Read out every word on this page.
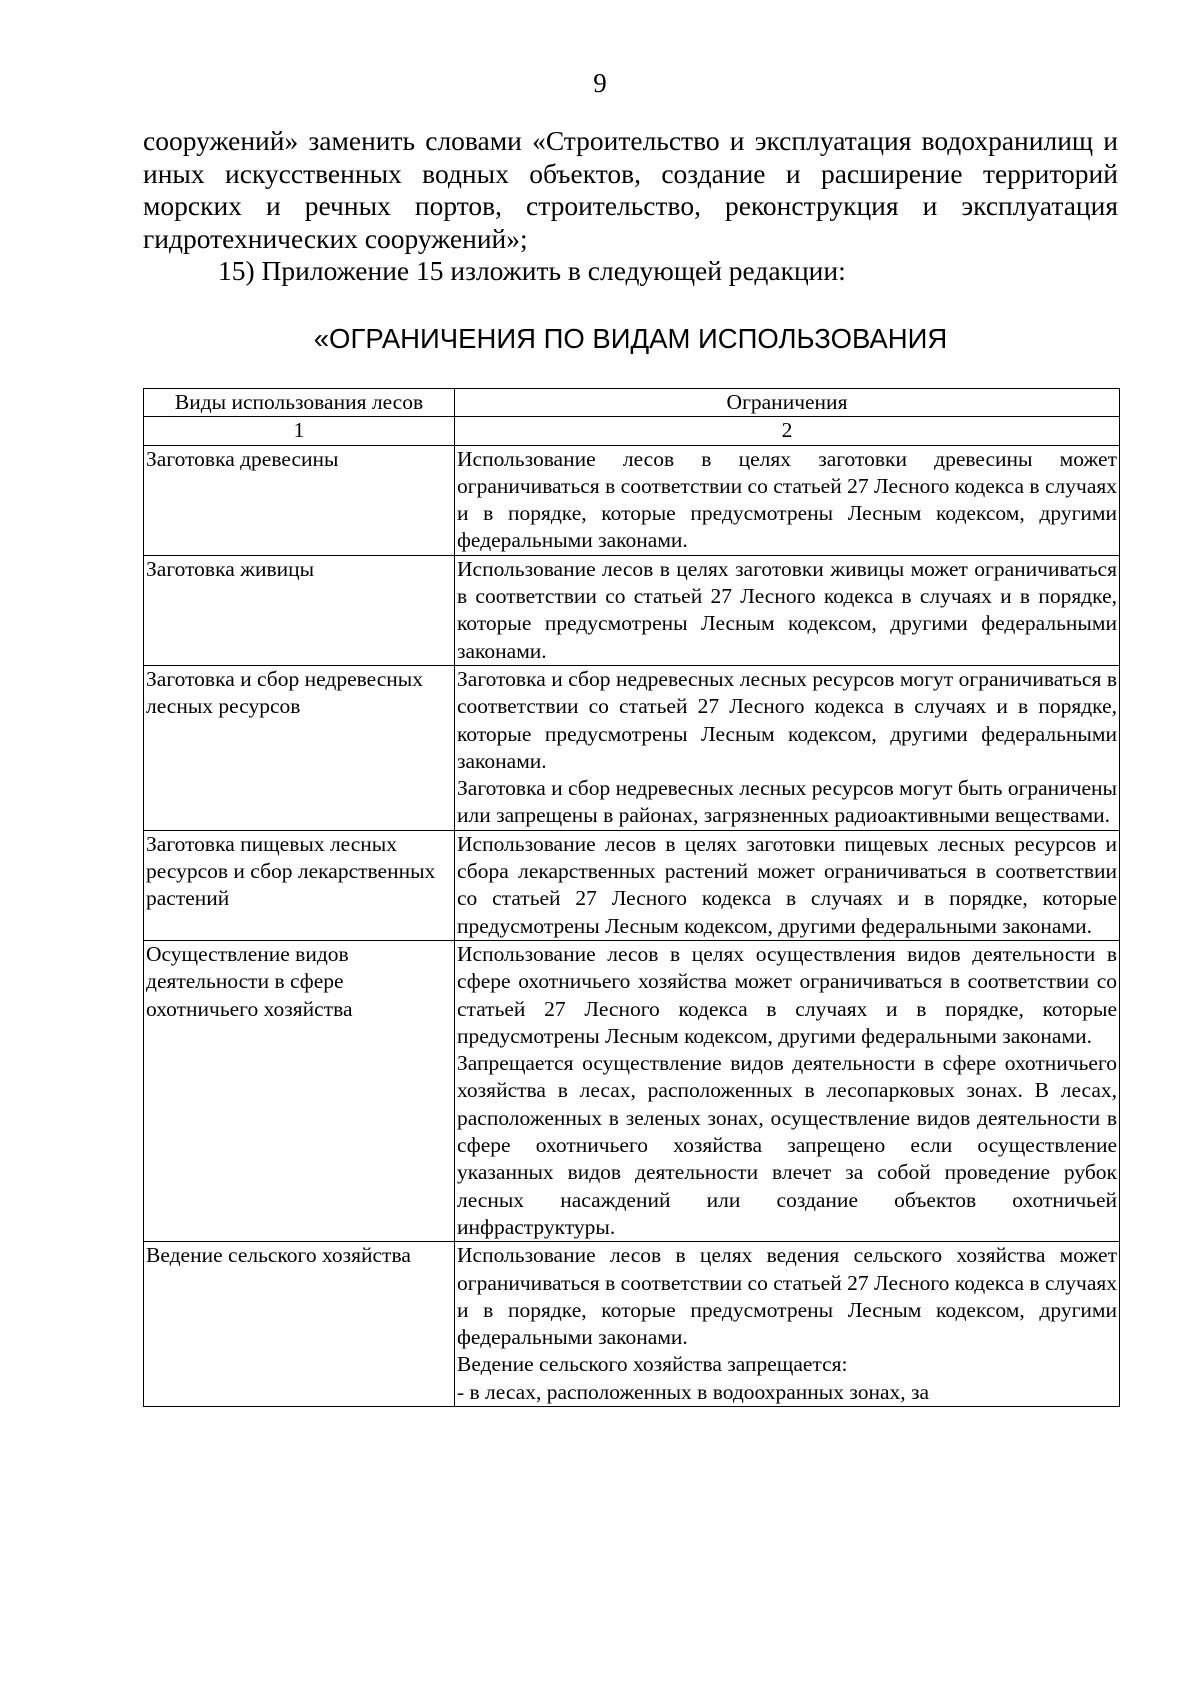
9

сооружений» заменить словами «Строительство и эксплуатация водохранилищ и иных искусственных водных объектов, создание и расширение территорий морских и речных портов, строительство, реконструкция и эксплуатация гидротехнических сооружений»;

15) Приложение 15 изложить в следующей редакции:

«ОГРАНИЧЕНИЯ ПО ВИДАМ ИСПОЛЬЗОВАНИЯ
Виды использования лесов	Ограничения
1	2
Заготовка древесины	Использование лесов в целях заготовки древесины может ограничиваться в соответствии со статьей 27 Лесного кодекса в случаях и в порядке, которые предусмотрены Лесным кодексом, другими федеральными законами.

Заготовка живицы	Использование лесов в целях заготовки живицы может ограничиваться в соответствии со статьей 27 Лесного кодекса в случаях и в порядке, которые предусмотрены Лесным кодексом, другими федеральными законами.

Заготовка и сбор недревесных лесных ресурсов	Заготовка и сбор недревесных лесных ресурсов могут ограничиваться в соответствии со статьей 27 Лесного кодекса в случаях и в порядке, которые предусмотрены Лесным кодексом, другими федеральными законами.

Заготовка и сбор недревесных лесных ресурсов могут быть ограничены или запрещены в районах, загрязненных радиоактивными веществами.

Заготовка пищевых лесных ресурсов и сбор лекарственных растений	Использование лесов в целях заготовки пищевых лесных ресурсов и сбора лекарственных растений может ограничиваться в соответствии со статьей 27 Лесного кодекса в случаях и в порядке, которые предусмотрены Лесным кодексом, другими федеральными законами.

Осуществление видов деятельности в сфере охотничьего хозяйства	Использование лесов в целях осуществления видов деятельности в сфере охотничьего хозяйства может ограничиваться в соответствии со статьей 27 Лесного кодекса в случаях и в порядке, которые предусмотрены Лесным кодексом, другими федеральными законами.

Запрещается осуществление видов деятельности в сфере охотничьего хозяйства в лесах, расположенных в лесопарковых зонах. В лесах, расположенных в зеленых зонах, осуществление видов деятельности в сфере охотничьего хозяйства запрещено если осуществление указанных видов деятельности влечет за собой проведение рубок лесных насаждений или создание объектов охотничьей инфраструктуры.

Ведение сельского хозяйства	Использование лесов в целях ведения сельского хозяйства может ограничиваться в соответствии со статьей 27 Лесного кодекса в случаях и в порядке, которые предусмотрены Лесным кодексом, другими федеральными законами.

Ведение сельского хозяйства запрещается:

- в лесах, расположенных в водоохранных зонах, за
